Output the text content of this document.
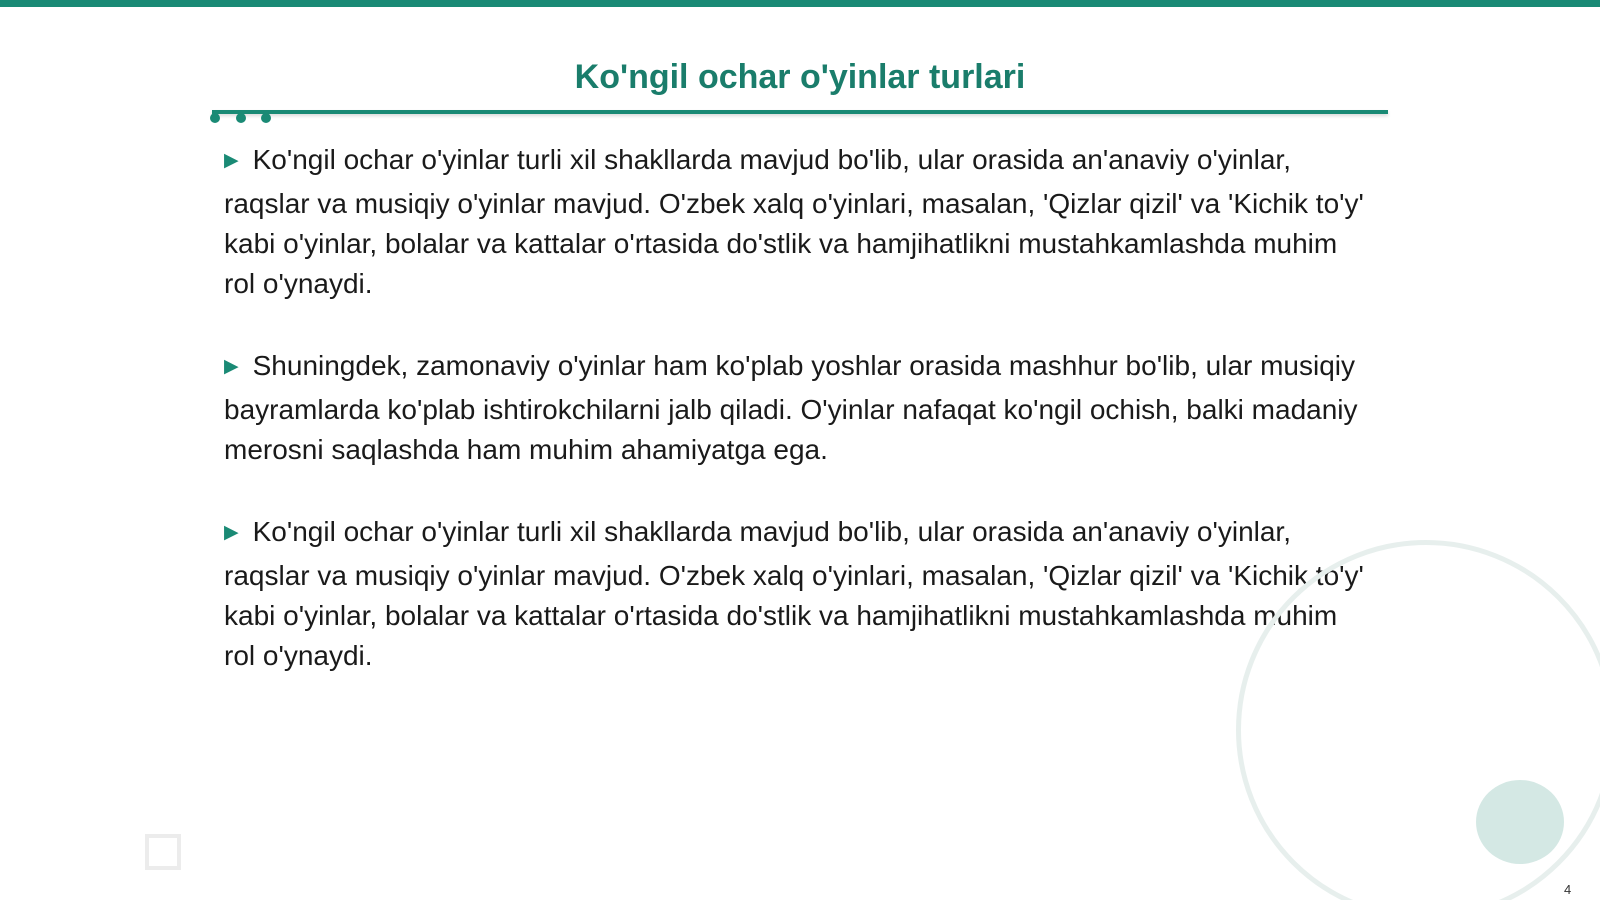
Ko'ngil ochar o'yinlar turlari

▶ Ko'ngil ochar o'yinlar turli xil shakllarda mavjud bo'lib, ular orasida an'anaviy o'yinlar, raqslar va musiqiy o'yinlar mavjud. O'zbek xalq o'yinlari, masalan, 'Qizlar qizil' va 'Kichik to'y' kabi o'yinlar, bolalar va kattalar o'rtasida do'stlik va hamjihatlikni mustahkamlashda muhim rol o'ynaydi.

▶ Shuningdek, zamonaviy o'yinlar ham ko'plab yoshlar orasida mashhur bo'lib, ular musiqiy bayramlarda ko'plab ishtirokchilarni jalb qiladi. O'yinlar nafaqat ko'ngil ochish, balki madaniy merosni saqlashda ham muhim ahamiyatga ega.

▶ Ko'ngil ochar o'yinlar turli xil shakllarda mavjud bo'lib, ular orasida an'anaviy o'yinlar, raqslar va musiqiy o'yinlar mavjud. O'zbek xalq o'yinlari, masalan, 'Qizlar qizil' va 'Kichik to'y' kabi o'yinlar, bolalar va kattalar o'rtasida do'stlik va hamjihatlikni mustahkamlashda muhim rol o'ynaydi.

4
